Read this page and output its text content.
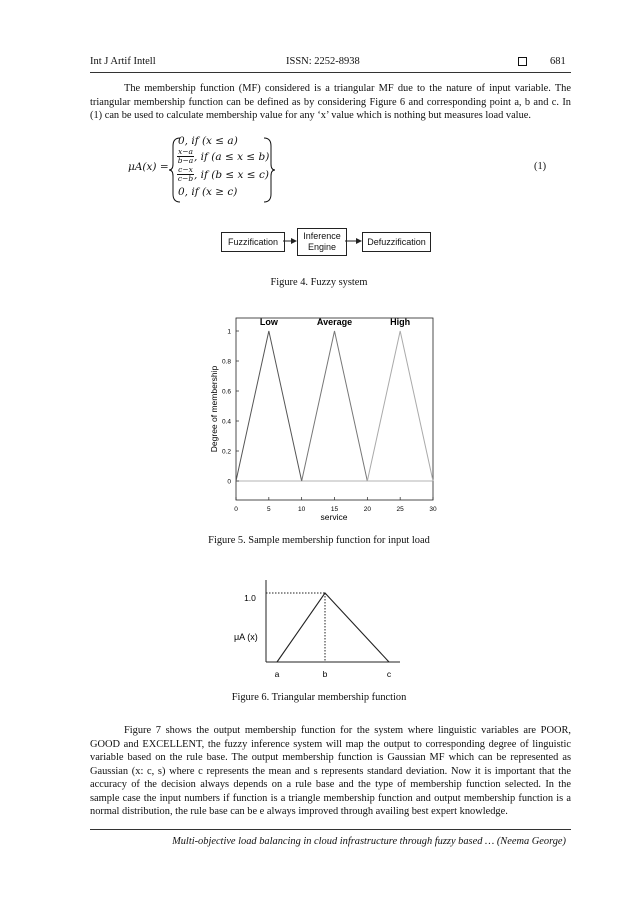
Int J Artif Intell	ISSN: 2252-8938	681

The membership function (MF) considered is a triangular MF due to the nature of input variable. The triangular membership function can be defined as by considering Figure 6 and corresponding point a, b and c. In (1) can be used to calculate membership value for any ‘x’ value which is nothing but measures load value.

μA(x) =
0, if (x ≤ a)
$\frac{x-a}{b-a}$ , if (a ≤ x ≤ b)
$\frac{c-x}{c-b}$ , if (b ≤ x ≤ c)
0, if (x ≥ c)
(1)
Fuzzification
Inference Engine
Defuzzification
Figure 4. Fuzzy system
0	5	10	15	20	25	30
0
0.2
0.4
0.6
0.8
1
Low	Average	High
service
Degree of membership
Figure 5. Sample membership function for input load
1.0
μA (x)
a	b	c
Figure 6. Triangular membership function

Figure 7 shows the output membership function for the system where linguistic variables are POOR, GOOD and EXCELLENT, the fuzzy inference system will map the output to corresponding degree of linguistic variable based on the rule base. The output membership function is Gaussian MF which can be represented as Gaussian (x: c, s) where c represents the mean and s represents standard deviation. Now it is important that the accuracy of the decision always depends on a rule base and the type of membership function selected. In the sample case the input numbers if function is a triangle membership function and output membership function is a normal distribution, the rule base can be e always improved through availing best expert knowledge.

Multi-objective load balancing in cloud infrastructure through fuzzy based … (Neema George)
